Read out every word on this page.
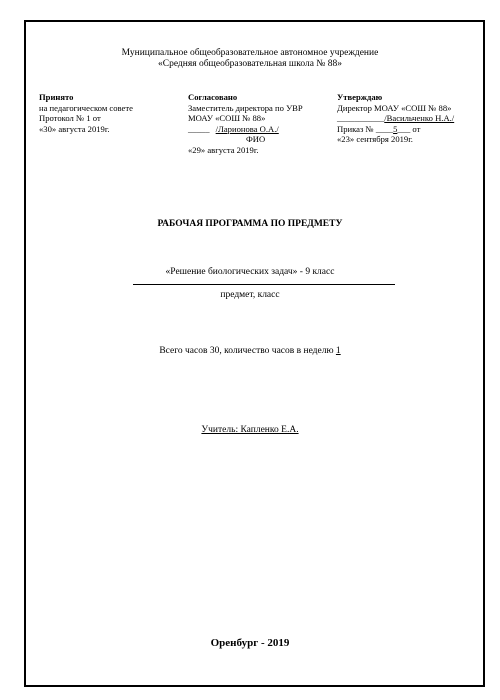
Муниципальное общеобразовательное автономное учреждение
«Средняя общеобразовательная школа № 88»
Принято
на педагогическом совете
Протокол № 1 от
«30» августа 2019г.
Согласовано
Заместитель директора по УВР
МОАУ «СОШ № 88»
_____ /Ларионова О.А./
ФИО
«29» августа 2019г.
Утверждаю
Директор МОАУ «СОШ № 88»
___________/Васильченко Н.А./
Приказ № ____5___ от
«23» сентября 2019г.
РАБОЧАЯ ПРОГРАММА ПО ПРЕДМЕТУ
«Решение биологических задач» - 9 класс
предмет, класс
Всего часов 30, количество часов в неделю 1
Учитель: Капленко Е.А.
Оренбург - 2019
